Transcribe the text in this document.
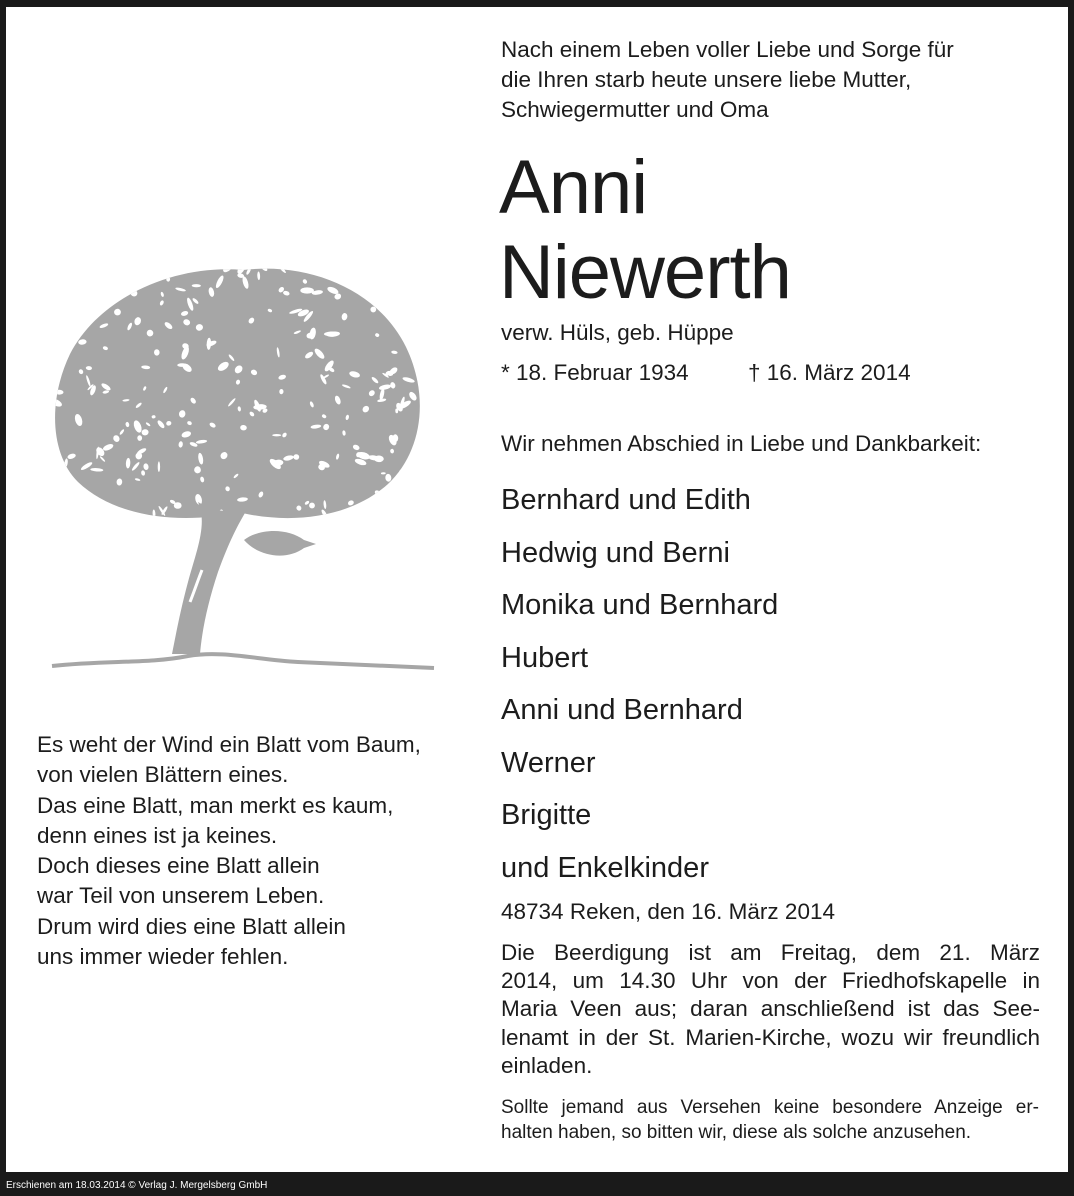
Nach einem Leben voller Liebe und Sorge für
die Ihren starb heute unsere liebe Mutter,
Schwiegermutter und Oma
Anni
Niewerth
verw. Hüls, geb. Hüppe
* 18. Februar 1934	† 16. März 2014
Wir nehmen Abschied in Liebe und Dankbarkeit:
Bernhard und Edith
Hedwig und Berni
Monika und Bernhard
Hubert
Anni und Bernhard
Werner
Brigitte
und Enkelkinder
48734 Reken, den 16. März 2014
Die Beerdigung ist am Freitag, dem 21. März
2014, um 14.30 Uhr von der Friedhofskapelle in
Maria Veen aus; daran anschließend ist das See-
lenamt in der St. Marien-Kirche, wozu wir freundlich
einladen.
Sollte jemand aus Versehen keine besondere Anzeige er-
halten haben, so bitten wir, diese als solche anzusehen.
Es weht der Wind ein Blatt vom Baum,
von vielen Blättern eines.
Das eine Blatt, man merkt es kaum,
denn eines ist ja keines.
Doch dieses eine Blatt allein
war Teil von unserem Leben.
Drum wird dies eine Blatt allein
uns immer wieder fehlen.
Erschienen am 18.03.2014 © Verlag J. Mergelsberg GmbH
